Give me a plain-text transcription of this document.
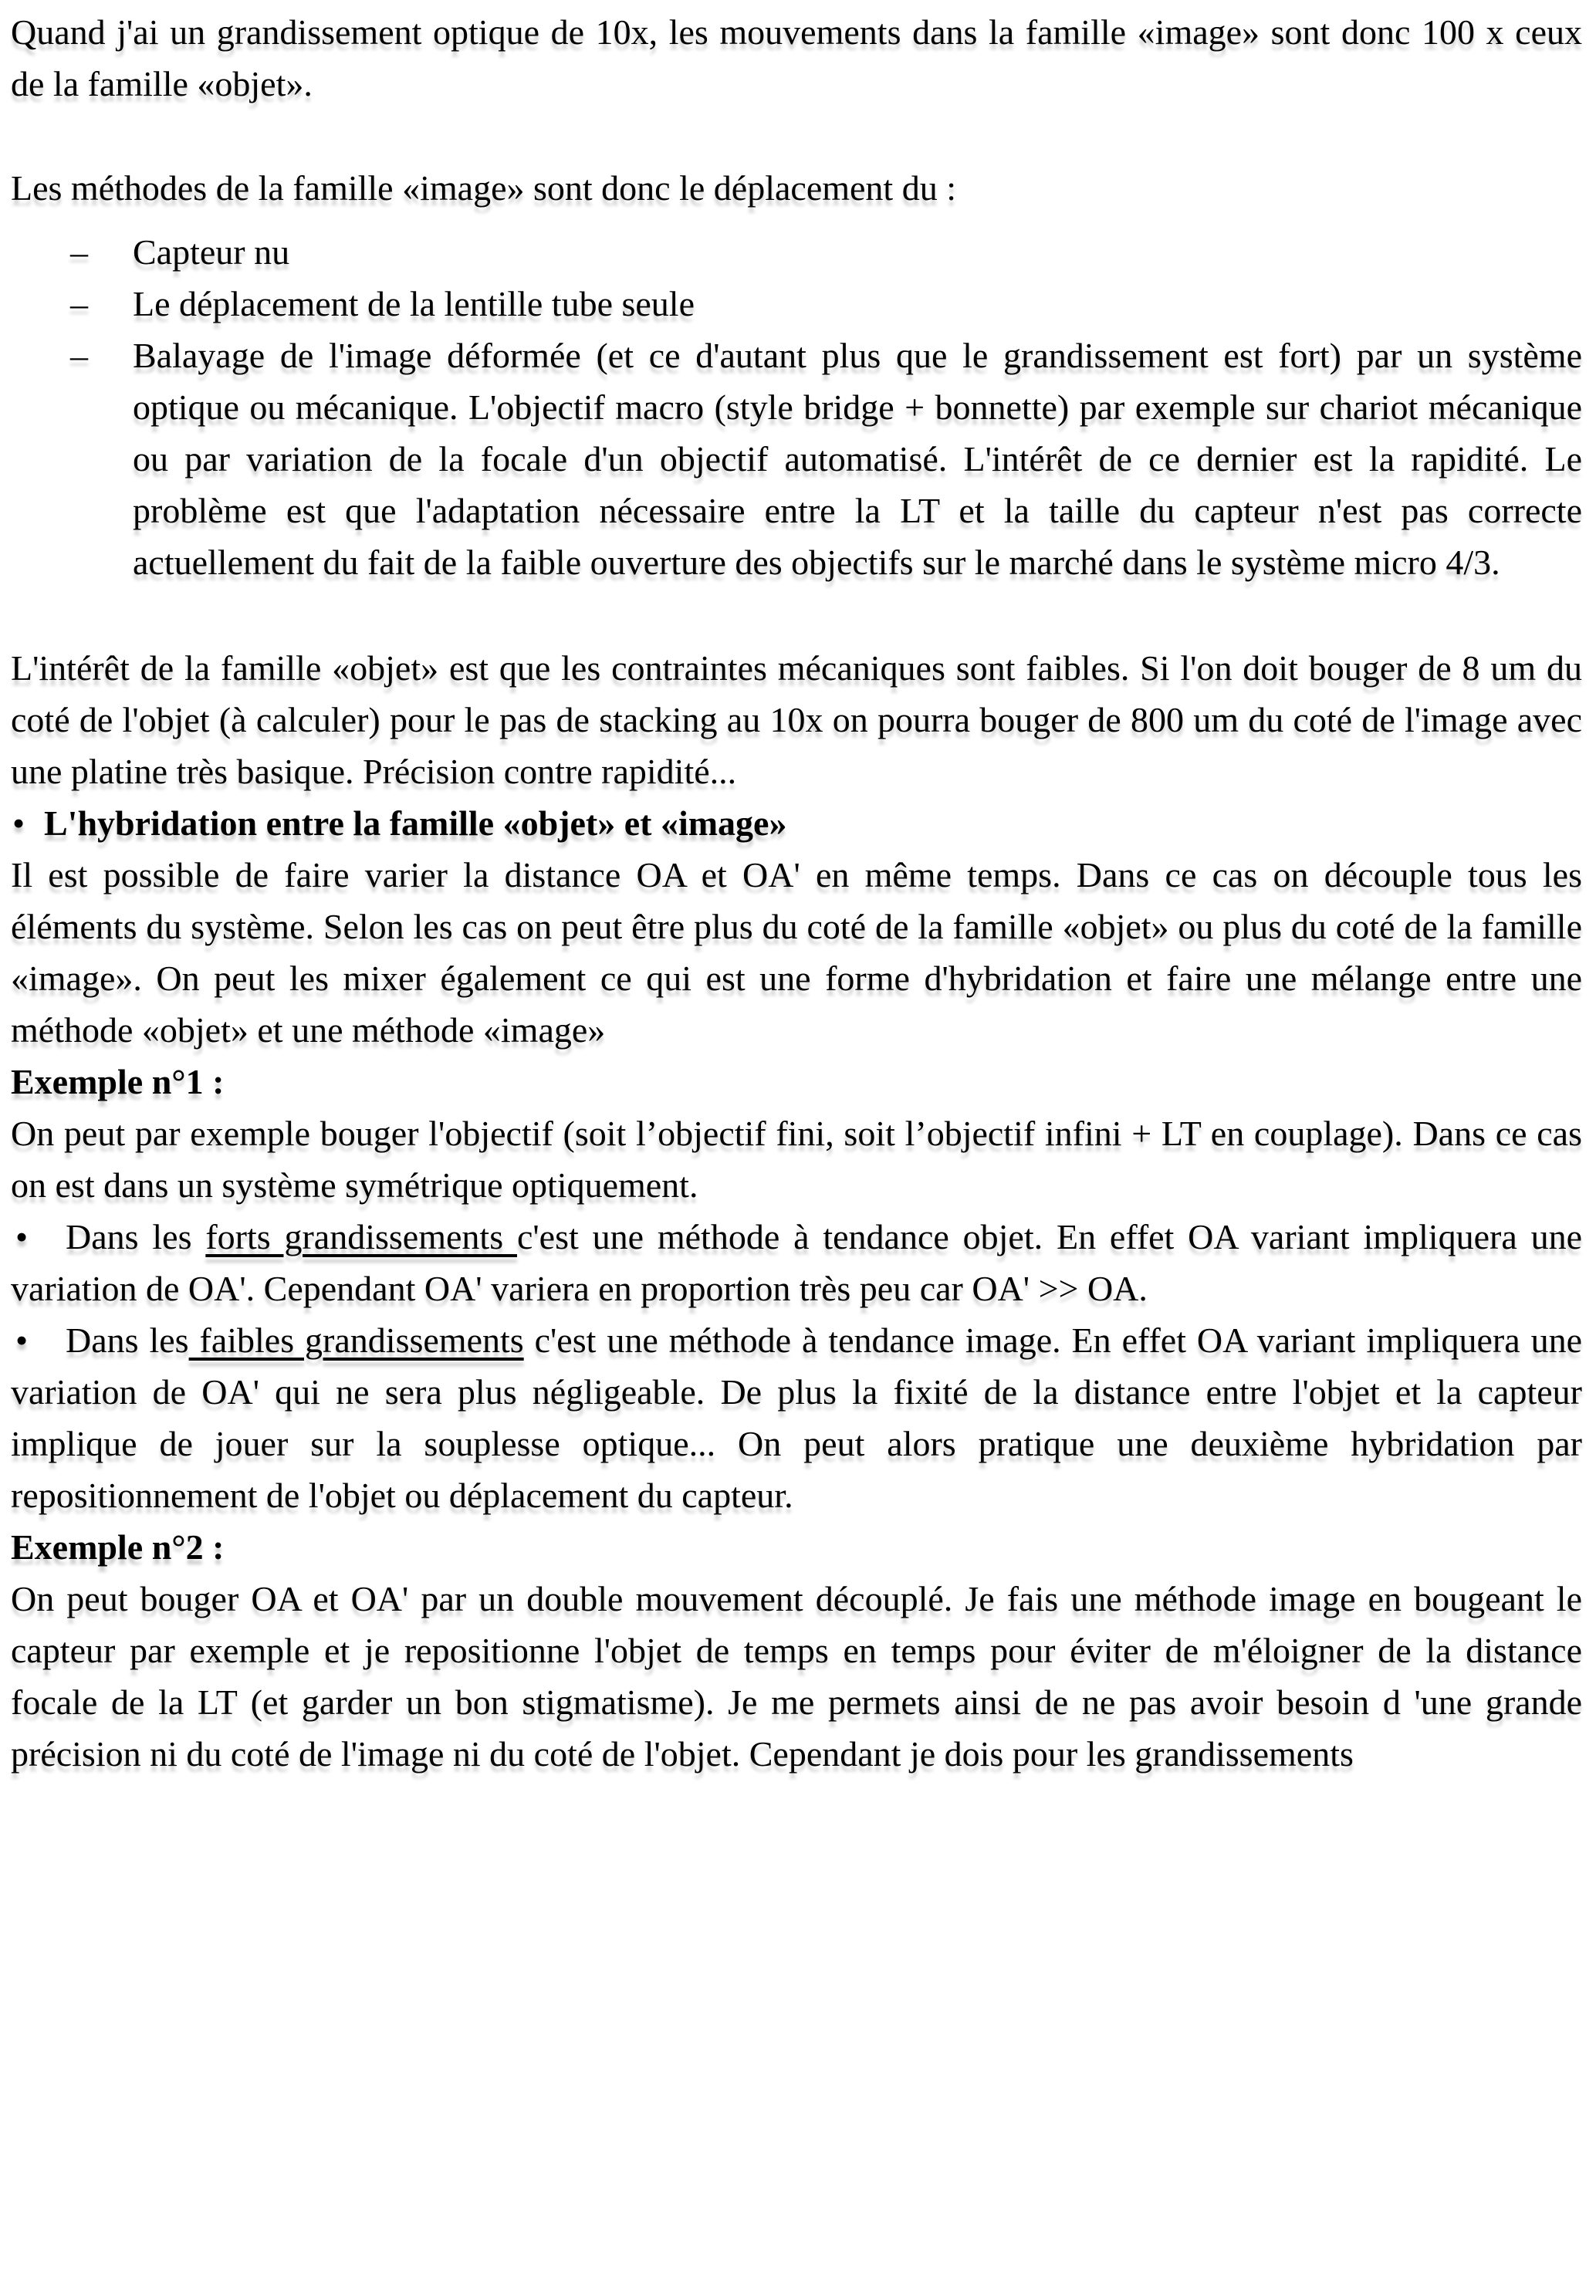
Quand j'ai un grandissement optique de 10x, les mouvements dans la famille «image» sont donc 100 x ceux de la famille «objet».

Les méthodes de la famille «image» sont donc le déplacement du :

– Capteur nu

– Le déplacement de la lentille tube seule

– Balayage de l'image déformée (et ce d'autant plus que le grandissement est fort) par un système optique ou mécanique. L'objectif macro (style bridge + bonnette) par exemple sur chariot mécanique ou par variation de la focale d'un objectif automatisé. L'intérêt de ce dernier est la rapidité. Le problème est que l'adaptation nécessaire entre la LT et la taille du capteur n'est pas correcte actuellement du fait de la faible ouverture des objectifs sur le marché dans le système micro 4/3.

L'intérêt de la famille «objet» est que les contraintes mécaniques sont faibles. Si l'on doit bouger de 8 um du coté de l'objet (à calculer) pour le pas de stacking au 10x on pourra bouger de 800 um du coté de l'image avec une platine très basique. Précision contre rapidité...

• L'hybridation entre la famille «objet» et «image»

Il est possible de faire varier la distance OA et OA' en même temps. Dans ce cas on découple tous les éléments du système. Selon les cas on peut être plus du coté de la famille «objet» ou plus du coté de la famille «image». On peut les mixer également ce qui est une forme d'hybridation et faire une mélange entre une méthode «objet» et une méthode «image»

Exemple n°1 :

On peut par exemple bouger l'objectif (soit l’objectif fini, soit l’objectif infini + LT en couplage). Dans ce cas on est dans un système symétrique optiquement.

• Dans les forts grandissements c'est une méthode à tendance objet. En effet OA variant impliquera une variation de OA'. Cependant OA' variera en proportion très peu car OA' >> OA.

• Dans les faibles grandissements c'est une méthode à tendance image. En effet OA variant impliquera une variation de OA' qui ne sera plus négligeable. De plus la fixité de la distance entre l'objet et la capteur implique de jouer sur la souplesse optique... On peut alors pratique une deuxième hybridation par repositionnement de l'objet ou déplacement du capteur.

Exemple n°2 :

On peut bouger OA et OA' par un double mouvement découplé. Je fais une méthode image en bougeant le capteur par exemple et je repositionne l'objet de temps en temps pour éviter de m'éloigner de la distance focale de la LT (et garder un bon stigmatisme). Je me permets ainsi de ne pas avoir besoin d 'une grande précision ni du coté de l'image ni du coté de l'objet. Cependant je dois pour les grandissements
